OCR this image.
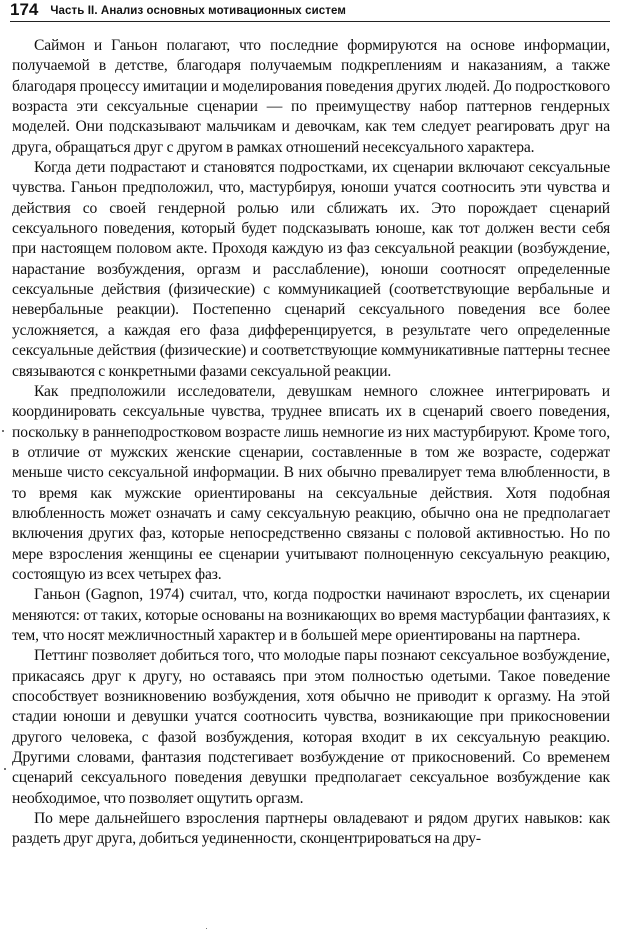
174 Часть II. Анализ основных мотивационных систем

Саймон и Ганьон полагают, что последние формируются на основе информации, получаемой в детстве, благодаря получаемым подкреплениям и наказаниям, а также благодаря процессу имитации и моделирования поведения других людей. До подросткового возраста эти сексуальные сценарии — по преимуществу набор паттернов гендерных моделей. Они подсказывают мальчикам и девочкам, как тем следует реагировать друг на друга, обращаться друг с другом в рамках отношений несексуального характера.

Когда дети подрастают и становятся подростками, их сценарии включают сексуальные чувства. Ганьон предположил, что, мастурбируя, юноши учатся соотносить эти чувства и действия со своей гендерной ролью или сближать их. Это порождает сценарий сексуального поведения, который будет подсказывать юноше, как тот должен вести себя при настоящем половом акте. Проходя каждую из фаз сексуальной реакции (возбуждение, нарастание возбуждения, оргазм и расслабление), юноши соотносят определенные сексуальные действия (физические) с коммуникацией (соответствующие вербальные и невербальные реакции). Постепенно сценарий сексуального поведения все более усложняется, а каждая его фаза дифференцируется, в результате чего определенные сексуальные действия (физические) и соответствующие коммуникативные паттерны теснее связываются с конкретными фазами сексуальной реакции.

Как предположили исследователи, девушкам немного сложнее интегрировать и координировать сексуальные чувства, труднее вписать их в сценарий своего поведения, поскольку в раннеподростковом возрасте лишь немногие из них мастурбируют. Кроме того, в отличие от мужских женские сценарии, составленные в том же возрасте, содержат меньше чисто сексуальной информации. В них обычно превалирует тема влюбленности, в то время как мужские ориентированы на сексуальные действия. Хотя подобная влюбленность может означать и саму сексуальную реакцию, обычно она не предполагает включения других фаз, которые непосредственно связаны с половой активностью. Но по мере взросления женщины ее сценарии учитывают полноценную сексуальную реакцию, состоящую из всех четырех фаз.

Ганьон (Gagnon, 1974) считал, что, когда подростки начинают взрослеть, их сценарии меняются: от таких, которые основаны на возникающих во время мастурбации фантазиях, к тем, что носят межличностный характер и в большей мере ориентированы на партнера.

Петтинг позволяет добиться того, что молодые пары познают сексуальное возбуждение, прикасаясь друг к другу, но оставаясь при этом полностью одетыми. Такое поведение способствует возникновению возбуждения, хотя обычно не приводит к оргазму. На этой стадии юноши и девушки учатся соотносить чувства, возникающие при прикосновении другого человека, с фазой возбуждения, которая входит в их сексуальную реакцию. Другими словами, фантазия подстегивает возбуждение от прикосновений. Со временем сценарий сексуального поведения девушки предполагает сексуальное возбуждение как необходимое, что позволяет ощутить оргазм.

По мере дальнейшего взросления партнеры овладевают и рядом других навыков: как раздеть друг друга, добиться уединенности, сконцентрироваться на дру-
